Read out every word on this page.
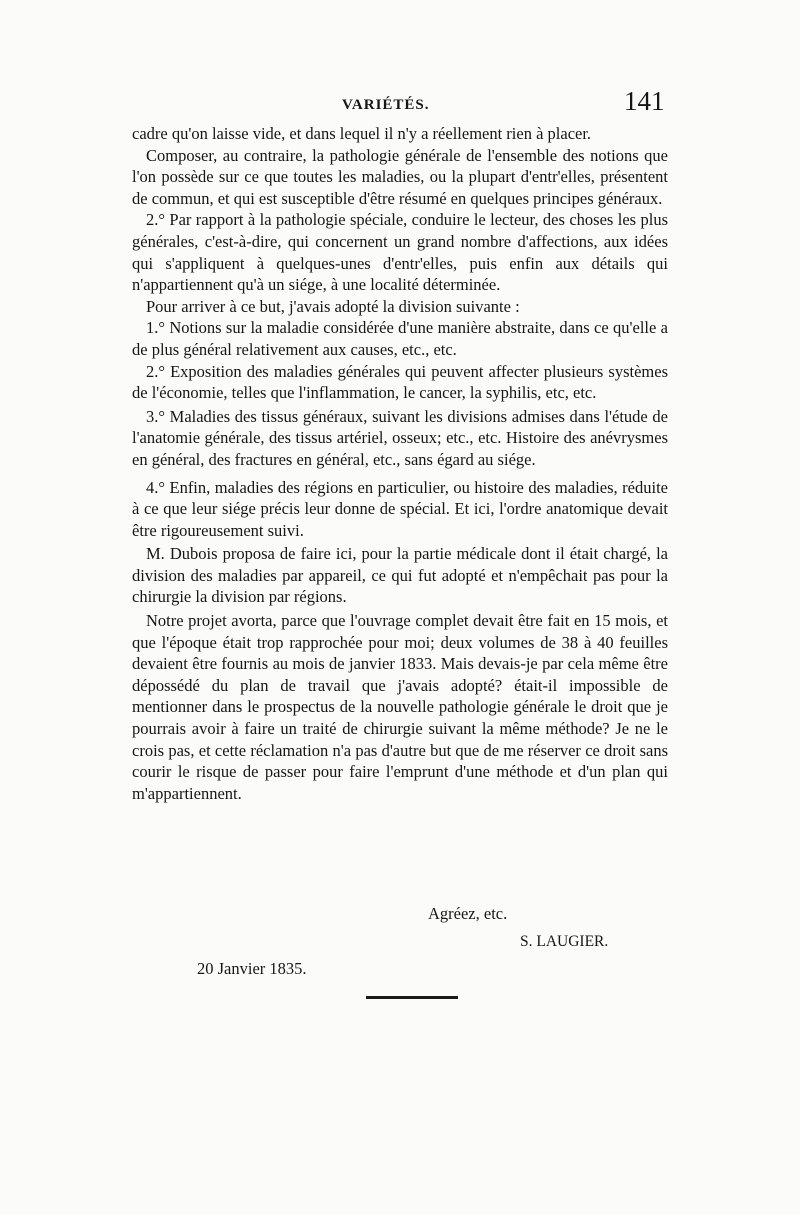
VARIÉTÉS.	141

cadre qu'on laisse vide, et dans lequel il n'y a réellement rien à placer.

Composer, au contraire, la pathologie générale de l'ensemble des notions que l'on possède sur ce que toutes les maladies, ou la plupart d'entr'elles, présentent de commun, et qui est susceptible d'être résumé en quelques principes généraux.

2.° Par rapport à la pathologie spéciale, conduire le lecteur, des choses les plus générales, c'est-à-dire, qui concernent un grand nombre d'affections, aux idées qui s'appliquent à quelques-unes d'entr'elles, puis enfin aux détails qui n'appartiennent qu'à un siége, à une localité déterminée.

Pour arriver à ce but, j'avais adopté la division suivante :

1.° Notions sur la maladie considérée d'une manière abstraite, dans ce qu'elle a de plus général relativement aux causes, etc., etc.

2.° Exposition des maladies générales qui peuvent affecter plusieurs systèmes de l'économie, telles que l'inflammation, le cancer, la syphilis, etc, etc.

3.° Maladies des tissus généraux, suivant les divisions admises dans l'étude de l'anatomie générale, des tissus artériel, osseux; etc., etc. Histoire des anévrysmes en général, des fractures en général, etc., sans égard au siége.

4.° Enfin, maladies des régions en particulier, ou histoire des maladies, réduite à ce que leur siége précis leur donne de spécial. Et ici, l'ordre anatomique devait être rigoureusement suivi.

M. Dubois proposa de faire ici, pour la partie médicale dont il était chargé, la division des maladies par appareil, ce qui fut adopté et n'empêchait pas pour la chirurgie la division par régions.

Notre projet avorta, parce que l'ouvrage complet devait être fait en 15 mois, et que l'époque était trop rapprochée pour moi; deux volumes de 38 à 40 feuilles devaient être fournis au mois de janvier 1833. Mais devais-je par cela même être dépossédé du plan de travail que j'avais adopté? était-il impossible de mentionner dans le prospectus de la nouvelle pathologie générale le droit que je pourrais avoir à faire un traité de chirurgie suivant la même méthode? Je ne le crois pas, et cette réclamation n'a pas d'autre but que de me réserver ce droit sans courir le risque de passer pour faire l'emprunt d'une méthode et d'un plan qui m'appartiennent.

Agréez, etc.
S. LAUGIER.
20 Janvier 1835.
